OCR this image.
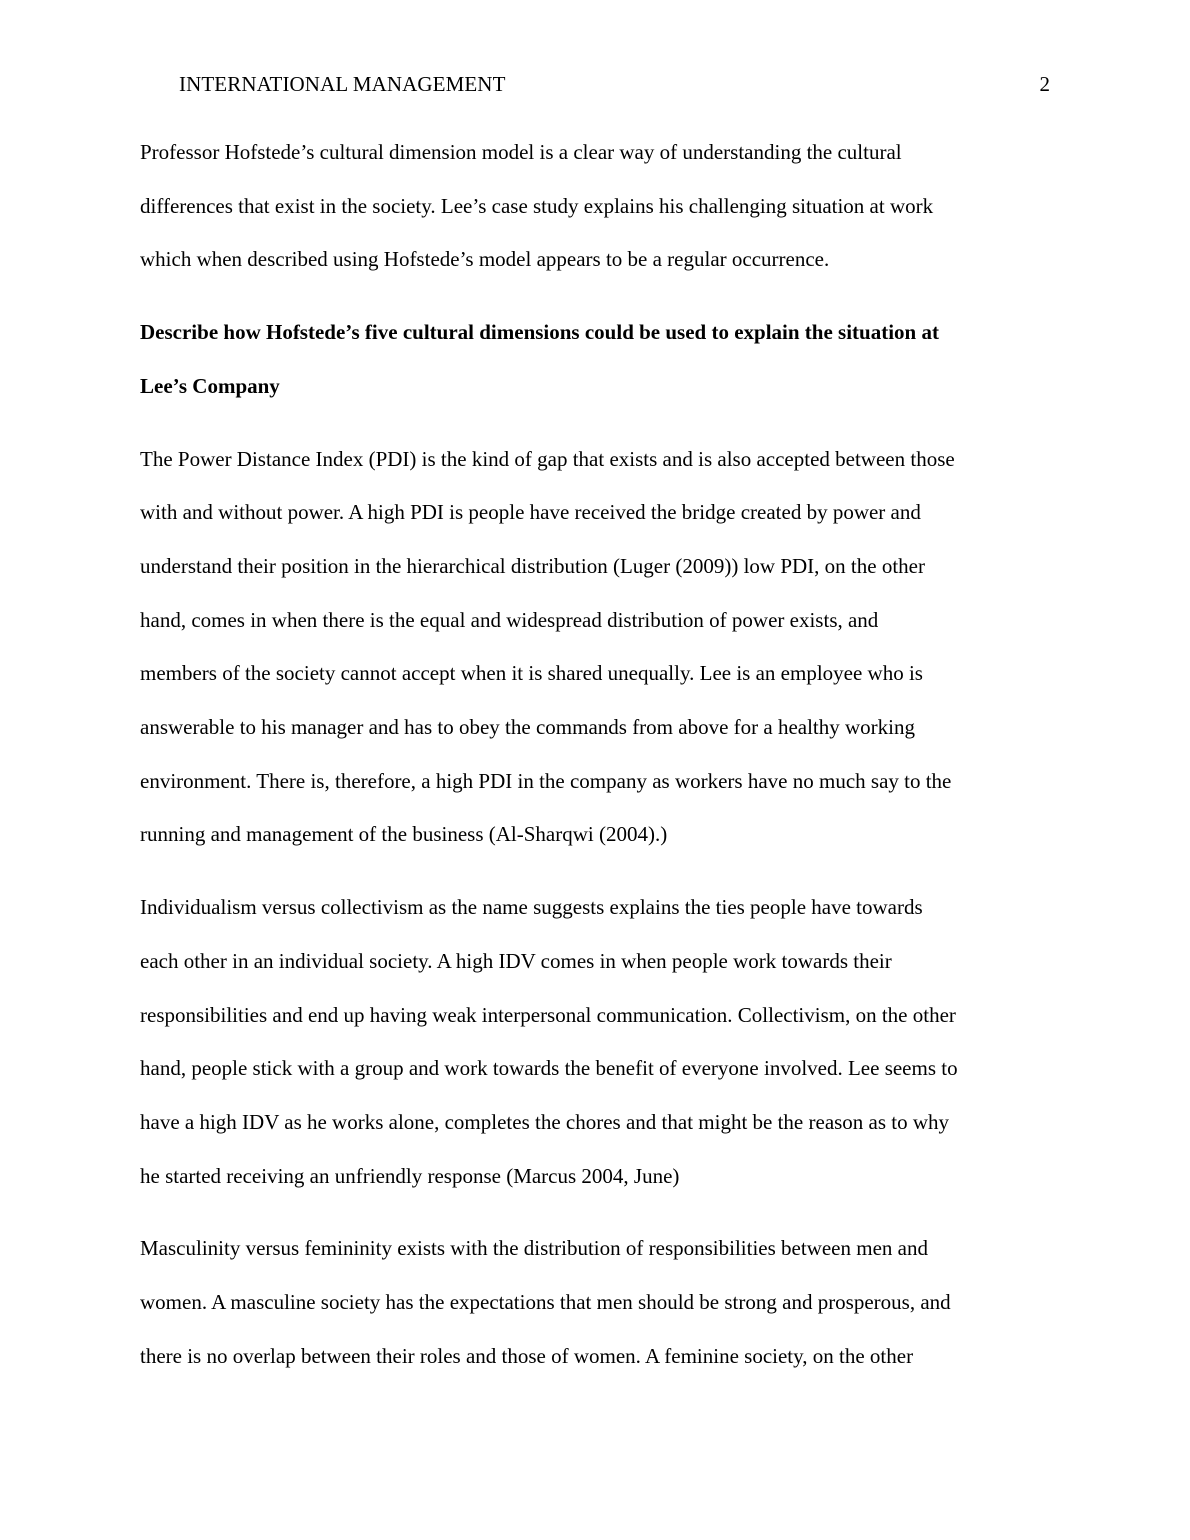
INTERNATIONAL MANAGEMENT	2

Professor Hofstede’s cultural dimension model is a clear way of understanding the cultural
differences that exist in the society. Lee’s case study explains his challenging situation at work
which when described using Hofstede’s model appears to be a regular occurrence.

Describe how Hofstede’s five cultural dimensions could be used to explain the situation at
Lee’s Company

The Power Distance Index (PDI) is the kind of gap that exists and is also accepted between those
with and without power. A high PDI is people have received the bridge created by power and
understand their position in the hierarchical distribution (Luger (2009)) low PDI, on the other
hand, comes in when there is the equal and widespread distribution of power exists, and
members of the society cannot accept when it is shared unequally. Lee is an employee who is
answerable to his manager and has to obey the commands from above for a healthy working
environment. There is, therefore, a high PDI in the company as workers have no much say to the
running and management of the business (Al-Sharqwi (2004).)

Individualism versus collectivism as the name suggests explains the ties people have towards
each other in an individual society. A high IDV comes in when people work towards their
responsibilities and end up having weak interpersonal communication. Collectivism, on the other
hand, people stick with a group and work towards the benefit of everyone involved. Lee seems to
have a high IDV as he works alone, completes the chores and that might be the reason as to why
he started receiving an unfriendly response (Marcus 2004, June)

Masculinity versus femininity exists with the distribution of responsibilities between men and
women. A masculine society has the expectations that men should be strong and prosperous, and
there is no overlap between their roles and those of women. A feminine society, on the other
